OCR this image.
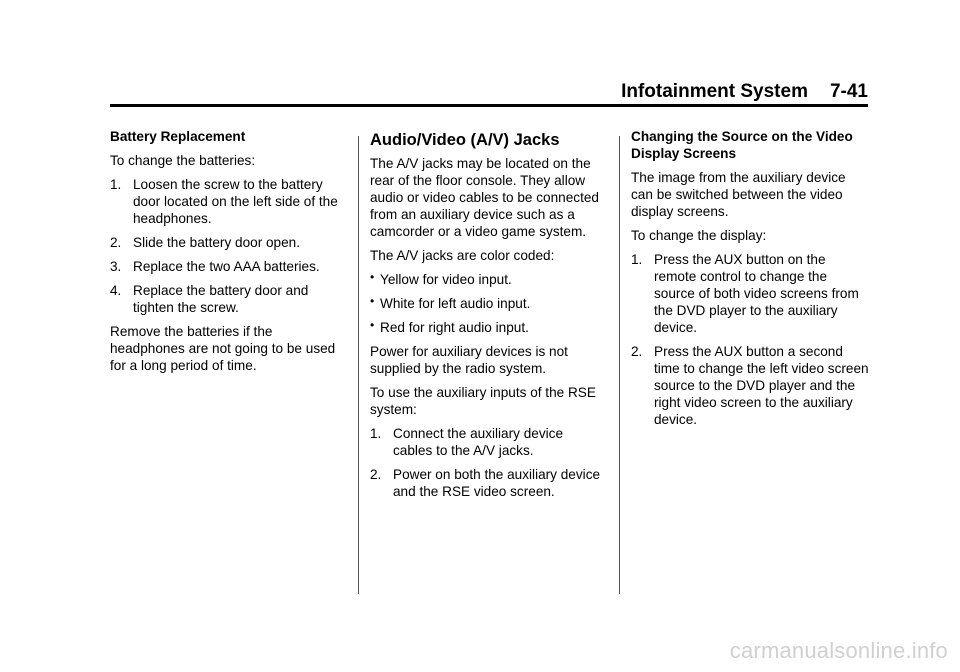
Infotainment System 7-41

Battery Replacement

To change the batteries:

1. Loosen the screw to the battery door located on the left side of the headphones.
2. Slide the battery door open.
3. Replace the two AAA batteries.
4. Replace the battery door and tighten the screw.

Remove the batteries if the headphones are not going to be used for a long period of time.

Audio/Video (A/V) Jacks

The A/V jacks may be located on the rear of the floor console. They allow audio or video cables to be connected from an auxiliary device such as a camcorder or a video game system.

The A/V jacks are color coded:

• Yellow for video input.
• White for left audio input.
• Red for right audio input.

Power for auxiliary devices is not supplied by the radio system.

To use the auxiliary inputs of the RSE system:

1. Connect the auxiliary device cables to the A/V jacks.
2. Power on both the auxiliary device and the RSE video screen.

Changing the Source on the Video Display Screens

The image from the auxiliary device can be switched between the video display screens.

To change the display:

1. Press the AUX button on the remote control to change the source of both video screens from the DVD player to the auxiliary device.
2. Press the AUX button a second time to change the left video screen source to the DVD player and the right video screen to the auxiliary device.
carmanualsonline.info
